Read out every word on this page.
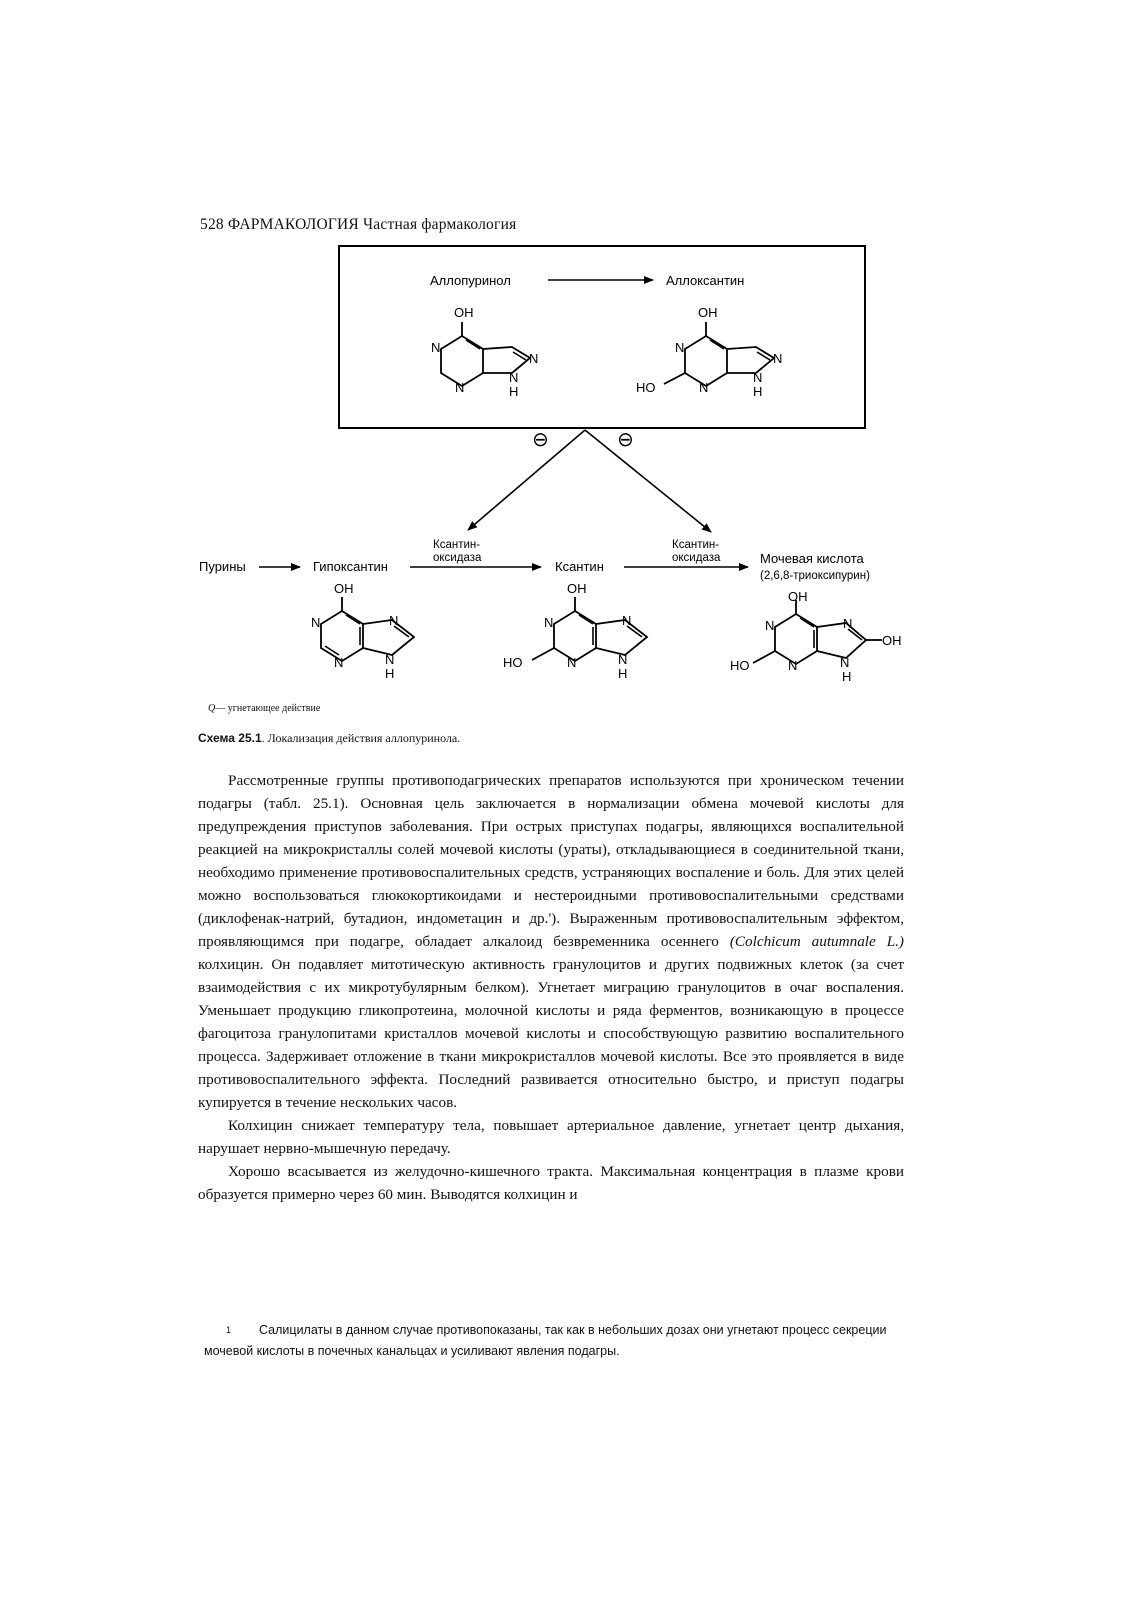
528 ФАРМАКОЛОГИЯ Частная фармакология
Аллопуринол	Аллоксантин
OH
N
N
N
N
H
OH
N
N
HO
N
N
H
⊖	⊖
Пурины	Гипоксантин
Ксантин-
оксидаза
Ксантин
Ксантин-
оксидаза	Мочевая кислота
(2,6,8-триоксипурин)
OH
N
N
N
N
H
OH
N
N
HO
N
N
H
OH
N
N
HO
N
N
H
OH
Q— угнетающее действие
Схема 25.1. Локализация действия аллопуринола.

Рассмотренные группы противоподагрических препаратов используются при хроническом течении подагры (табл. 25.1). Основная цель заключается в нормализации обмена мочевой кислоты для предупреждения приступов заболевания. При острых приступах подагры, являющихся воспалительной реакцией на микрокристаллы солей мочевой кислоты (ураты), откладывающиеся в соединительной ткани, необходимо применение противовоспалительных средств, устраняющих воспаление и боль. Для этих целей можно воспользоваться глюкокортикоидами и нестероидными противовоспалительными средствами (диклофенак-натрий, бутадион, индометацин и др.'). Выраженным противовоспалительным эффектом, проявляющимся при подагре, обладает алкалоид безвременника осеннего (Colchicum autumnale L.) колхицин. Он подавляет митотическую активность гранулоцитов и других подвижных клеток (за счет взаимодействия с их микротубулярным белком). Угнетает миграцию гранулоцитов в очаг воспаления. Уменьшает продукцию гликопротеина, молочной кислоты и ряда ферментов, возникающую в процессе фагоцитоза гранулопитами кристаллов мочевой кислоты и способствующую развитию воспалительного процесса. Задерживает отложение в ткани микрокристаллов мочевой кислоты. Все это проявляется в виде противовоспалительного эффекта. Последний развивается относительно быстро, и приступ подагры купируется в течение нескольких часов.

Колхицин снижает температуру тела, повышает артериальное давление, угнетает центр дыхания, нарушает нервно-мышечную передачу.

Хорошо всасывается из желудочно-кишечного тракта. Максимальная концентрация в плазме крови образуется примерно через 60 мин. Выводятся колхицин и

$^1$ Салицилаты в данном случае противопоказаны, так как в небольших дозах они угнетают процесс секреции мочевой кислоты в почечных канальцах и усиливают явления подагры.
